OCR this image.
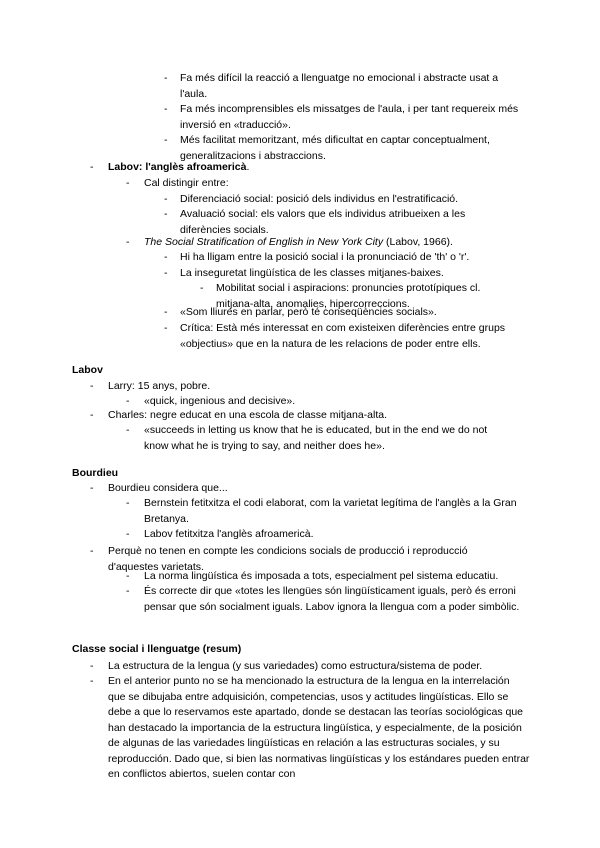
-	Fa més difícil la reacció a llenguatge no emocional i abstracte usat a l'aula.
-	Fa més incomprensibles els missatges de l'aula, i per tant requereix més inversió en «traducció».
-	Més facilitat memoritzant, més dificultat en captar conceptualment, generalitzacions i abstraccions.
-	Labov: l'anglès afroamericà.
-	Cal distingir entre:
-	Diferenciació social: posició dels individus en l'estratificació.
-	Avaluació social: els valors que els individus atribueixen a les diferències socials.
-	The Social Stratification of English in New York City (Labov, 1966).
-	Hi ha lligam entre la posició social i la pronunciació de 'th' o 'r'.
-	La inseguretat lingüística de les classes mitjanes-baixes.
-	Mobilitat social i aspiracions: pronuncies prototípiques cl. mitjana-alta, anomalies, hipercorreccions.
-	«Som lliures en parlar, però té conseqüències socials».
-	Crítica: Està més interessat en com existeixen diferències entre grups «objectius» que en la natura de les relacions de poder entre ells.
Labov
-	Larry: 15 anys, pobre.
-	«quick, ingenious and decisive».
-	Charles: negre educat en una escola de classe mitjana-alta.
-	«succeeds in letting us know that he is educated, but in the end we do not know what he is trying to say, and neither does he».
Bourdieu
-	Bourdieu considera que...
-	Bernstein fetitxitza el codi elaborat, com la varietat legítima de l'anglès a la Gran Bretanya.
-	Labov fetitxitza l'anglès afroamericà.
-	Perquè no tenen en compte les condicions socials de producció i reproducció d'aquestes varietats.
-	La norma lingüística és imposada a tots, especialment pel sistema educatiu.
-	És correcte dir que «totes les llengües són lingüísticament iguals, però és erroni pensar que són socialment iguals. Labov ignora la llengua com a poder simbòlic.
Classe social i llenguatge (resum)
-	La estructura de la lengua (y sus variedades) como estructura/sistema de poder.
-	En el anterior punto no se ha mencionado la estructura de la lengua en la interrelación que se dibujaba entre adquisición, competencias, usos y actitudes lingüísticas. Ello se debe a que lo reservamos este apartado, donde se destacan las teorías sociológicas que han destacado la importancia de la estructura lingüística, y especialmente, de la posición de algunas de las variedades lingüísticas en relación a las estructuras sociales, y su reproducción. Dado que, si bien las normativas lingüísticas y los estándares pueden entrar en conflictos abiertos, suelen contar con
